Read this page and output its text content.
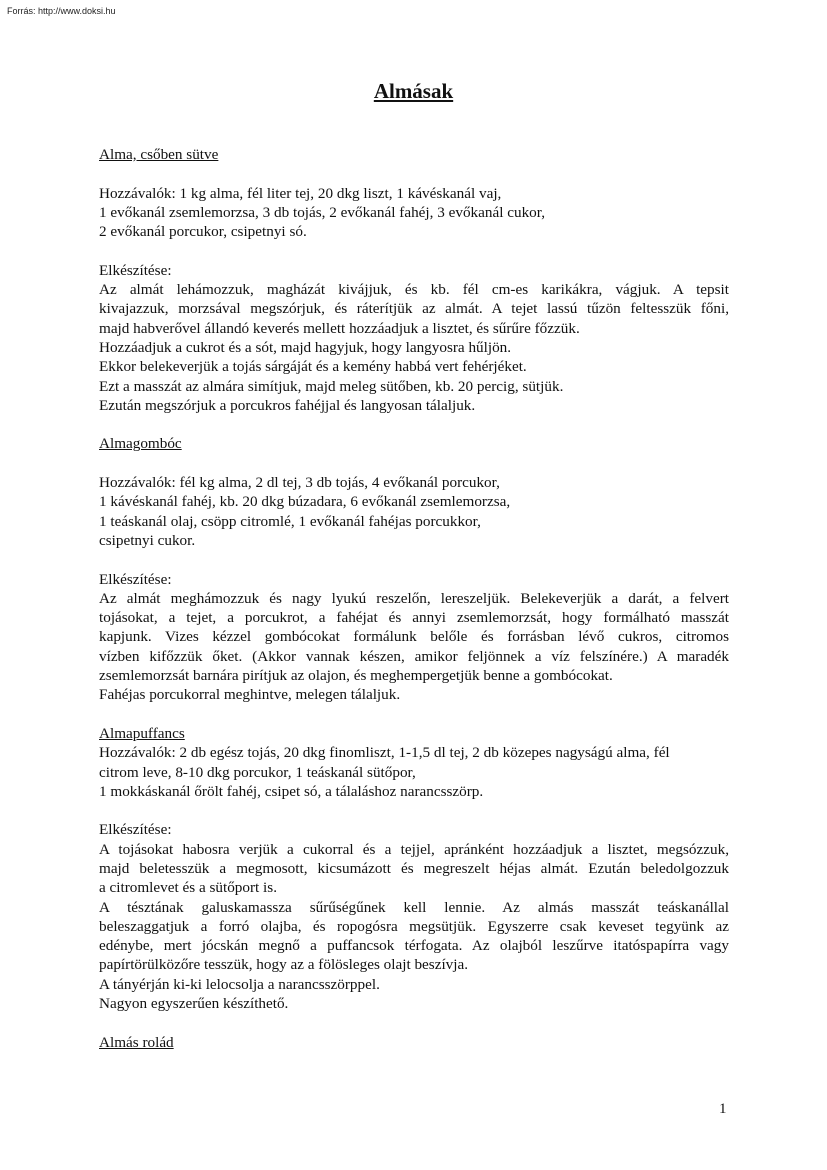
Forrás: http://www.doksi.hu
Almásak
Alma, csőben sütve
Hozzávalók: 1 kg alma, fél liter tej, 20 dkg liszt, 1 kávéskanál vaj,
1 evőkanál zsemlemorzsa, 3 db tojás, 2 evőkanál fahéj, 3 evőkanál cukor,
2 evőkanál porcukor, csipetnyi só.
Elkészítése:
Az almát lehámozzuk, magházát kivájjuk, és kb. fél cm-es karikákra, vágjuk. A tepsit
kivajazzuk, morzsával megszórjuk, és ráterítjük az almát. A tejet lassú tűzön feltesszük főni,
majd habverővel állandó keverés mellett hozzáadjuk a lisztet, és sűrűre főzzük.
Hozzáadjuk a cukrot és a sót, majd hagyjuk, hogy langyosra hűljön.
Ekkor belekeverjük a tojás sárgáját és a kemény habbá vert fehérjéket.
Ezt a masszát az almára simítjuk, majd meleg sütőben, kb. 20 percig, sütjük.
Ezután megszórjuk a porcukros fahéjjal és langyosan tálaljuk.
Almagombóc
Hozzávalók: fél kg alma, 2 dl tej, 3 db tojás, 4 evőkanál porcukor,
1 kávéskanál fahéj, kb. 20 dkg búzadara, 6 evőkanál zsemlemorzsa,
1 teáskanál olaj, csöpp citromlé, 1 evőkanál fahéjas porcukkor,
csipetnyi cukor.
Elkészítése:
Az almát meghámozzuk és nagy lyukú reszelőn, lereszeljük. Belekeverjük a darát, a felvert
tojásokat, a tejet, a porcukrot, a fahéjat és annyi zsemlemorzsát, hogy formálható masszát
kapjunk. Vizes kézzel gombócokat formálunk belőle és forrásban lévő cukros, citromos
vízben kifőzzük őket. (Akkor vannak készen, amikor feljönnek a víz felszínére.) A maradék
zsemlemorzsát barnára pirítjuk az olajon, és meghempergetjük benne a gombócokat.
Fahéjas porcukorral meghintve, melegen tálaljuk.
Almapuffancs
Hozzávalók: 2 db egész tojás, 20 dkg finomliszt, 1-1,5 dl tej, 2 db közepes nagyságú alma, fél
citrom leve, 8-10 dkg porcukor, 1 teáskanál sütőpor,
1 mokkáskanál őrölt fahéj, csipet só, a tálaláshoz narancsszörp.
Elkészítése:
A tojásokat habosra verjük a cukorral és a tejjel, apránként hozzáadjuk a lisztet, megsózzuk,
majd beletesszük a megmosott, kicsumázott és megreszelt héjas almát. Ezután beledolgozzuk
a citromlevet és a sütőport is.
A tésztának galuskamassza sűrűségűnek kell lennie. Az almás masszát teáskanállal
beleszaggatjuk a forró olajba, és ropogósra megsütjük. Egyszerre csak keveset tegyünk az
edénybe, mert jócskán megnő a puffancsok térfogata. Az olajból leszűrve itatóspapírra vagy
papírtörülközőre tesszük, hogy az a fölösleges olajt beszívja.
A tányérján ki-ki lelocsolja a narancsszörppel.
Nagyon egyszerűen készíthető.
Almás rolád
1
